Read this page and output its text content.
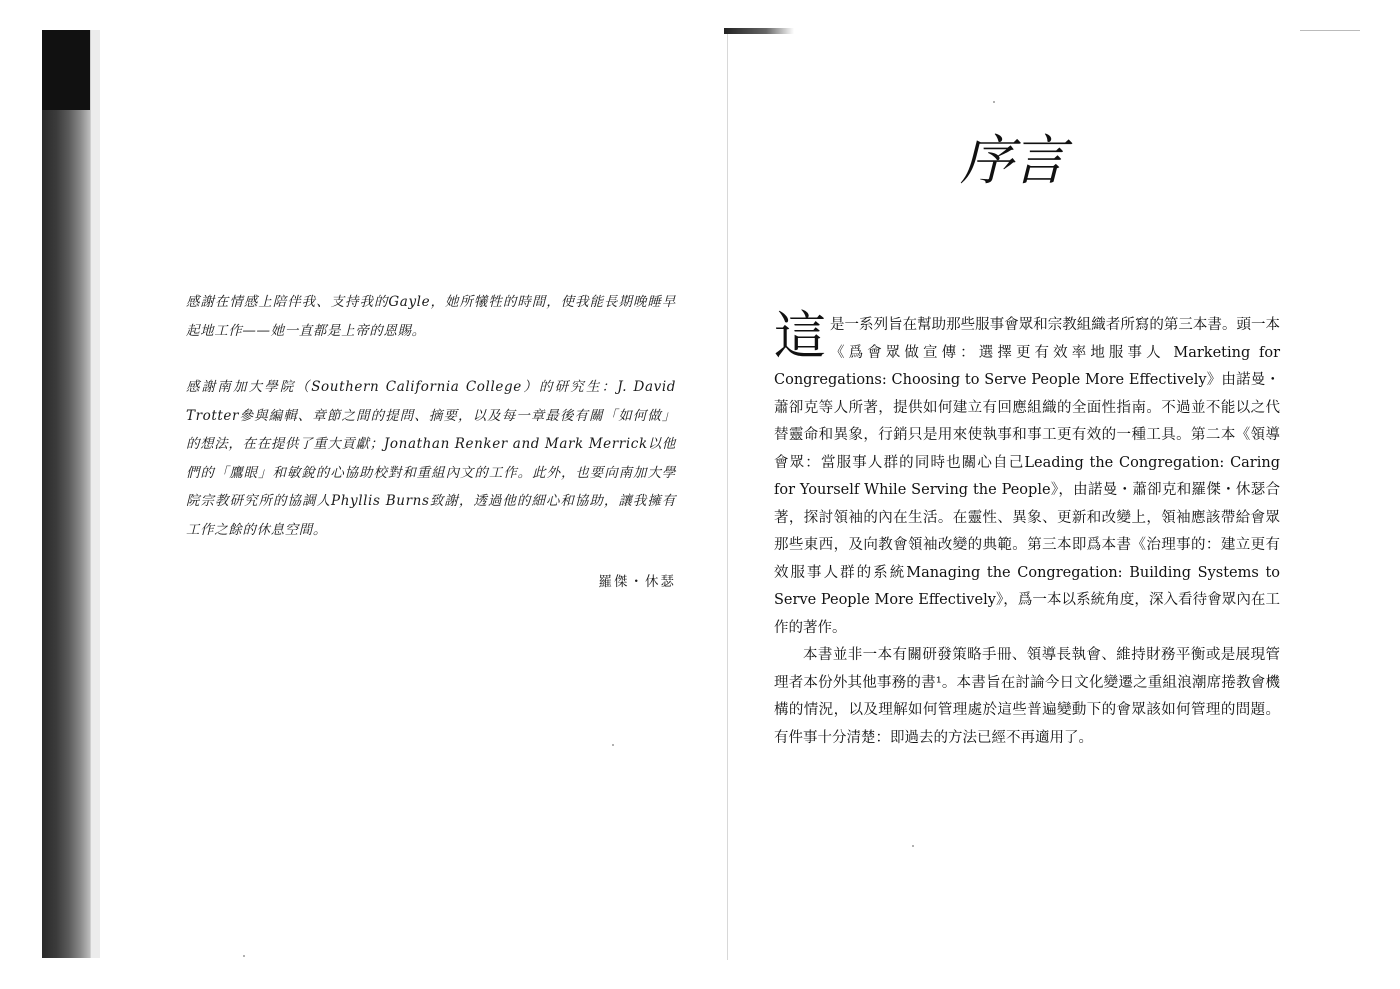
感謝在情感上陪伴我、支持我的Gayle，她所犧牲的時間，使我能長期晚睡早起地工作——她一直都是上帝的恩賜。

感謝南加大學院（Southern California College）的研究生：J. David Trotter參與編輯、章節之間的提問、摘要，以及每一章最後有關「如何做」的想法，在在提供了重大貢獻；Jonathan Renker and Mark Merrick以他們的「鷹眼」和敏銳的心協助校對和重組內文的工作。此外，也要向南加大學院宗教研究所的協調人Phyllis Burns致謝，透過他的細心和協助，讓我擁有工作之餘的休息空間。

羅傑・休瑟
序言

這是一系列旨在幫助那些服事會眾和宗教組織者所寫的第三本書。頭一本《爲會眾做宣傳：選擇更有效率地服事人 Marketing for Congregations: Choosing to Serve People More Effectively》由諾曼・蕭卻克等人所著，提供如何建立有回應組織的全面性指南。不過並不能以之代替靈命和異象，行銷只是用來使執事和事工更有效的一種工具。第二本《領導會眾：當服事人群的同時也關心自己Leading the Congregation: Caring for Yourself While Serving the People》，由諾曼・蕭卻克和羅傑・休瑟合著，探討領袖的內在生活。在靈性、異象、更新和改變上，領袖應該帶給會眾那些東西，及向教會領袖改變的典範。第三本即爲本書《治理事的：建立更有效服事人群的系統Managing the Congregation: Building Systems to Serve People More Effectively》，爲一本以系統角度，深入看待會眾內在工作的著作。

本書並非一本有關研發策略手冊、領導長執會、維持財務平衡或是展現管理者本份外其他事務的書¹。本書旨在討論今日文化變遷之重組浪潮席捲教會機構的情況，以及理解如何管理處於這些普遍變動下的會眾該如何管理的問題。有件事十分清楚：即過去的方法已經不再適用了。
